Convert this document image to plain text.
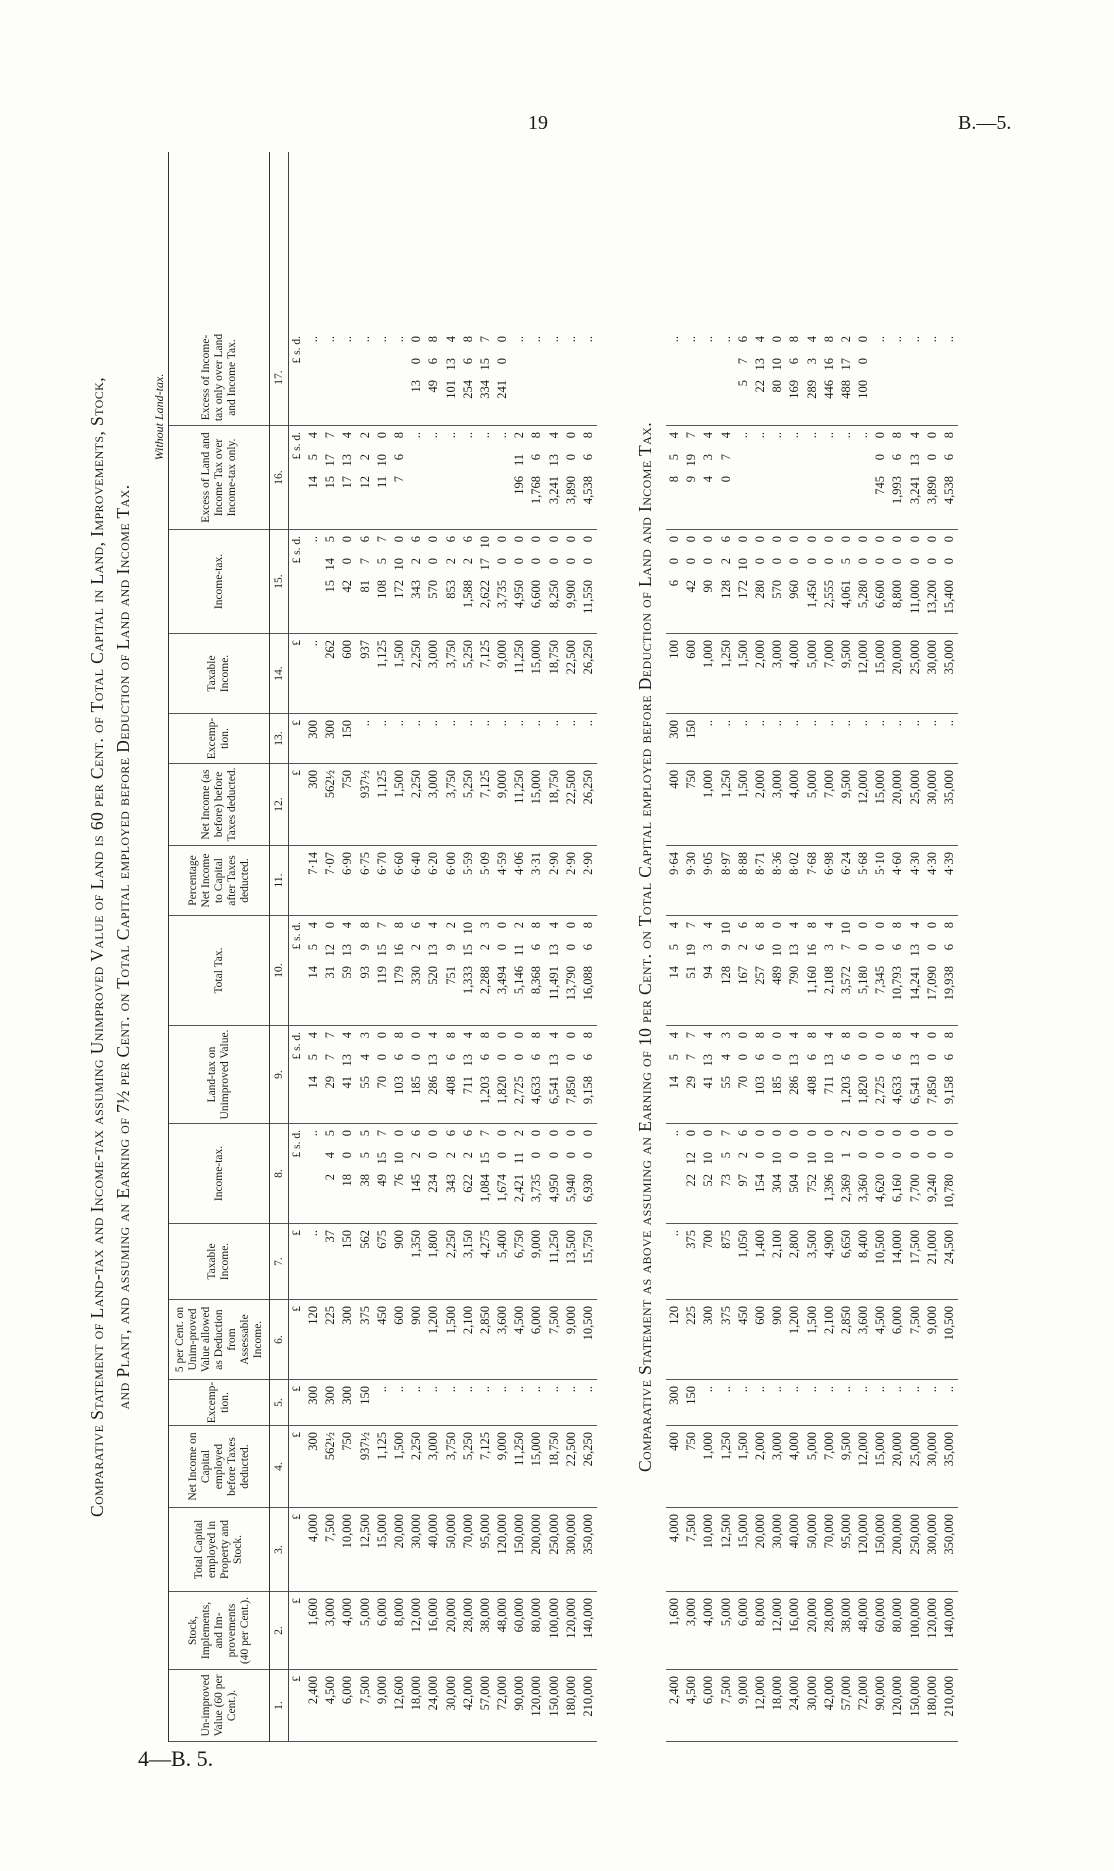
19	B.—5.
4—B. 5.
Comparative Statement of Land-tax and Income-tax assuming Unimproved Value of Land is 60 per Cent. of Total Capital in Land, Improvements, Stock, and Plant, and assuming an Earning of 7½ per Cent. on Total Capital employed before Deduction of Land and Income Tax.
Without Land-tax.
Un-improved Value (60 per Cent.).
Stock, Implements, and Im-provements (40 per Cent.).
Total Capital employed in Property and Stock.
Net Income on Capital employed before Taxes deducted.
Excemp-tion.
5 per Cent. on Unim-proved Value allowed as Deduction from Assessable Income.
Taxable Income.
Income-tax.
Land-tax on Unimproved Value.
Total Tax.
Percentage Net Income to Capital after Taxes deducted.
Net Income (as before) before Taxes deducted.
Excemp-tion.
Taxable Income.
Income-tax.
Excess of Land and Income Tax over Income-tax only.
Excess of Income-tax only over Land and Income Tax.
1.
2.
3.
4.
5.
6.
7.
8.
9.
10.
11.
12.
13.
14.
15.
16.
17.
£
£
£
£
£
£
£
£ s. d.
£ s. d.
£ s. d.
£
£
£
£ s. d.
£ s. d.
£ s. d.
2,400
1,600
4,000
300
300
120
..
..
1454
1454
7·14
300
300
..
..
1454
..
4,500
3,000
7,500
562½
300
225
37
245
2977
31120
7·07
562½
300
262
15145
15177
..
6,000
4,000
10,000
750
300
300
150
1800
41134
59134
6·90
750
150
600
4200
17134
..
7,500
5,000
12,500
937½
150
375
562
3855
5543
9398
6·75
937½
..
937
8176
1222
..
9,000
6,000
15,000
1,125
..
450
675
49157
7000
119157
6·70
1,125
..
1,125
10857
11100
..
12,600
8,000
20,000
1,500
..
600
900
76100
10368
179168
6·60
1,500
..
1,500
172100
768
..
18,000
12,000
30,000
2,250
..
900
1,350
14526
18500
33026
6·40
2,250
..
2,250
34326
..
1300
24,000
16,000
40,000
3,000
..
1,200
1,800
23400
286134
520134
6·20
3,000
..
3,000
57000
..
4968
30,000
20,000
50,000
3,750
..
1,500
2,250
34326
40868
75192
6·00
3,750
..
3,750
85326
..
101134
42,000
28,000
70,000
5,250
..
2,100
3,150
62226
711134
1,3331510
5·59
5,250
..
5,250
1,58826
..
25468
57,000
38,000
95,000
7,125
..
2,850
4,275
1,084157
1,20368
2,28823
5·09
7,125
..
7,125
2,6221710
..
334157
72,000
48,000
120,000
9,000
..
3,600
5,400
1,67400
1,82000
3,49400
4·59
9,000
..
9,000
3,73500
..
24100
90,000
60,000
150,000
11,250
..
4,500
6,750
2,421112
2,72500
5,146112
4·06
11,250
..
11,250
4,95000
196112
..
120,000
80,000
200,000
15,000
..
6,000
9,000
3,73500
4,63368
8,36868
3·31
15,000
..
15,000
6,60000
1,76868
..
150,000
100,000
250,000
18,750
..
7,500
11,250
4,95000
6,541134
11,491134
2·90
18,750
..
18,750
8,25000
3,241134
..
180,000
120,000
300,000
22,500
..
9,000
13,500
5,94000
7,85000
13,79000
2·90
22,500
..
22,500
9,90000
3,89000
..
210,000
140,000
350,000
26,250
..
10,500
15,750
6,93000
9,15868
16,08868
2·90
26,250
..
26,250
11,55000
4,53868
..
Comparative Statement as above assuming an Earning of 10 per Cent. on Total Capital employed before Deduction of Land and Income Tax.
2,400
1,600
4,000
400
300
120
..
..
1454
1454
9·64
400
300
100
600
854
..
4,500
3,000
7,500
750
150
225
375
22120
2977
51197
9·30
750
150
600
4200
9197
..
6,000
4,000
10,000
1,000
..
300
700
52100
41134
9434
9·05
1,000
..
1,000
9000
434
..
7,500
5,000
12,500
1,250
..
375
875
7357
5543
128910
8·97
1,250
..
1,250
12826
074
..
9,000
6,000
15,000
1,500
..
450
1,050
9726
7000
16726
8·88
1,500
..
1,500
172100
..
576
12,000
8,000
20,000
2,000
..
600
1,400
15400
10368
25768
8·71
2,000
..
2,000
28000
..
22134
18,000
12,000
30,000
3,000
..
900
2,100
304100
18500
489100
8·36
3,000
..
3,000
57000
..
80100
24,000
16,000
40,000
4,000
..
1,200
2,800
50400
286134
790134
8·02
4,000
..
4,000
96000
..
16968
30,000
20,000
50,000
5,000
..
1,500
3,500
752100
40868
1,160168
7·68
5,000
..
5,000
1,45000
..
28934
42,000
28,000
70,000
7,000
..
2,100
4,900
1,396100
711134
2,10834
6·98
7,000
..
7,000
2,55500
..
446168
57,000
38,000
95,000
9,500
..
2,850
6,650
2,36912
1,20368
3,572710
6·24
9,500
..
9,500
4,06150
..
488172
72,000
48,000
120,000
12,000
..
3,600
8,400
3,36000
1,82000
5,18000
5·68
12,000
..
12,000
5,28000
..
10000
90,000
60,000
150,000
15,000
..
4,500
10,500
4,62000
2,72500
7,34500
5·10
15,000
..
15,000
6,60000
74500
..
120,000
80,000
200,000
20,000
..
6,000
14,000
6,16000
4,63368
10,79368
4·60
20,000
..
20,000
8,80000
1,99368
..
150,000
100,000
250,000
25,000
..
7,500
17,500
7,70000
6,541134
14,241134
4·30
25,000
..
25,000
11,00000
3,241134
..
180,000
120,000
300,000
30,000
..
9,000
21,000
9,24000
7,85000
17,09000
4·30
30,000
..
30,000
13,20000
3,89000
..
210,000
140,000
350,000
35,000
..
10,500
24,500
10,78000
9,15868
19,93868
4·39
35,000
..
35,000
15,40000
4,53868
..
